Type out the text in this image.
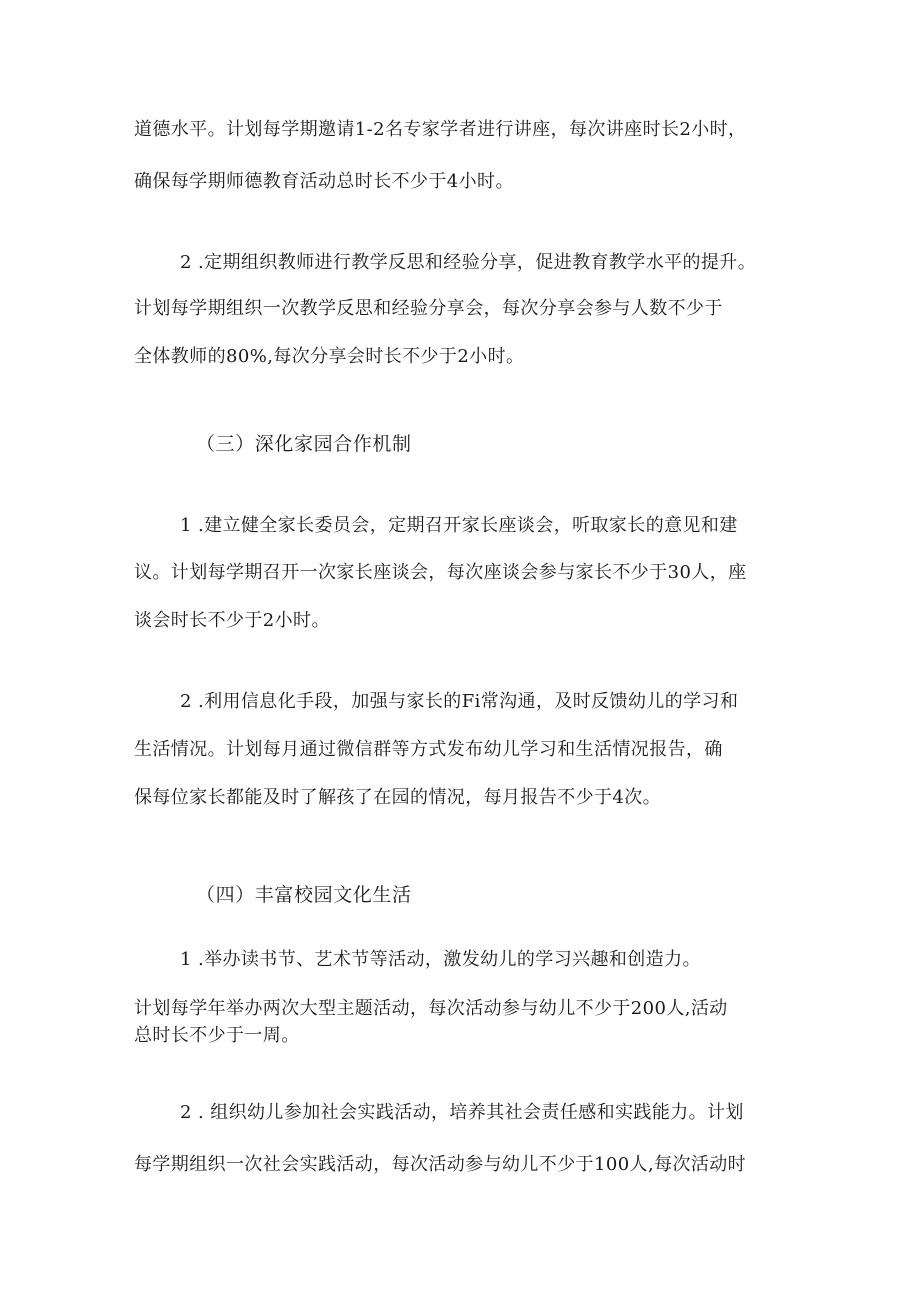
道德水平。计划每学期邀请1-2名专家学者进行讲座，每次讲座时长2小时，
确保每学期师德教育活动总时长不少于4小时。
2 .定期组织教师进行教学反思和经验分享，促进教育教学水平的提升。
计划每学期组织一次教学反思和经验分享会，每次分享会参与人数不少于
全体教师的80%,每次分享会时长不少于2小时。
（三）深化家园合作机制
1 .建立健全家长委员会，定期召开家长座谈会，听取家长的意见和建
议。计划每学期召开一次家长座谈会，每次座谈会参与家长不少于30人，座
谈会时长不少于2小时。
2 .利用信息化手段，加强与家长的Fi常沟通，及时反馈幼儿的学习和
生活情况。计划每月通过微信群等方式发布幼儿学习和生活情况报告，确
保每位家长都能及时了解孩了在园的情况，每月报告不少于4次。
（四）丰富校园文化生活
1 .举办读书节、艺术节等活动，激发幼儿的学习兴趣和创造力。
计划每学年举办两次大型主题活动，每次活动参与幼儿不少于200人,活动
总时长不少于一周。
2 . 组织幼儿参加社会实践活动，培养其社会责任感和实践能力。计划
每学期组织一次社会实践活动，每次活动参与幼儿不少于100人,每次活动时
